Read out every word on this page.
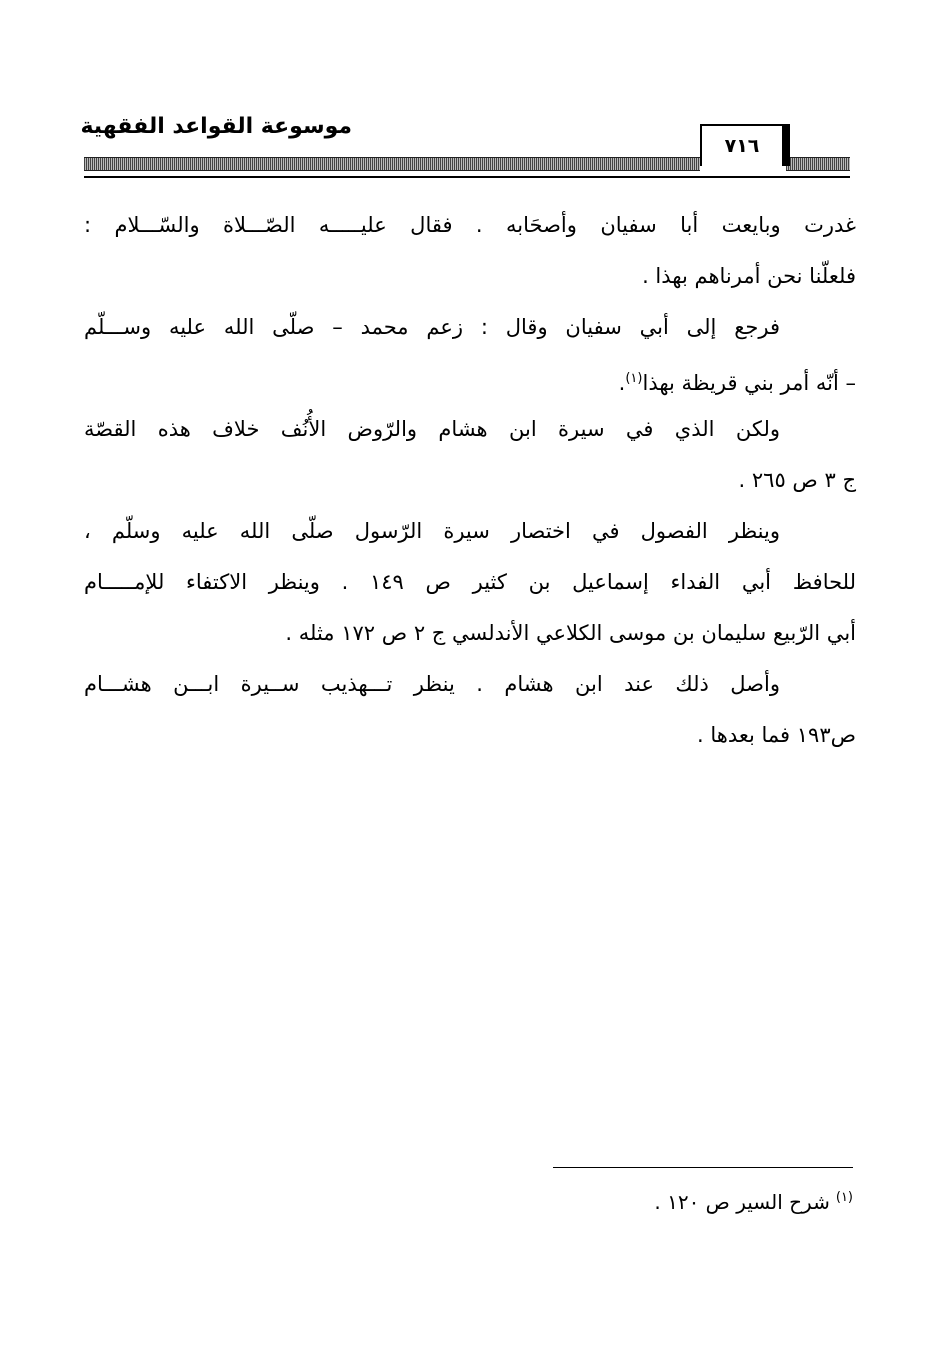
موسوعة القواعد الفقهية
٧١٦
غدرت وبايعت أبا سفيان وأصحَابه . فقال عليـــــه الصّـــلاة والسّـــلام :
فلعلّنا نحن أمرناهم بهذا .
فرجع إلى أبي سفيان وقال : زعم محمد – صلّى الله عليه وســـلّم
– أنّه أمر بني قريظة بهذا$^{(١)}$.
ولكن الذي في سيرة ابن هشام والرّوض الأُنُف خلاف هذه القصّة
ج ٣ ص ٢٦٥ .
وينظر الفصول في اختصار سيرة الرّسول صلّى الله عليه وسلّم ،
للحافظ أبي الفداء إسماعيل بن كثير ص ١٤٩ . وينظر الاكتفاء للإمـــــام
أبي الرّبيع سليمان بن موسى الكلاعي الأندلسي ج ٢ ص ١٧٢ مثله .
وأصل ذلك عند ابن هشام . ينظر تـــهذيب ســيرة ابـــن هشـــام
ص١٩٣ فما بعدها .
$^{(١)}$شرح السير ص ١٢٠ .
